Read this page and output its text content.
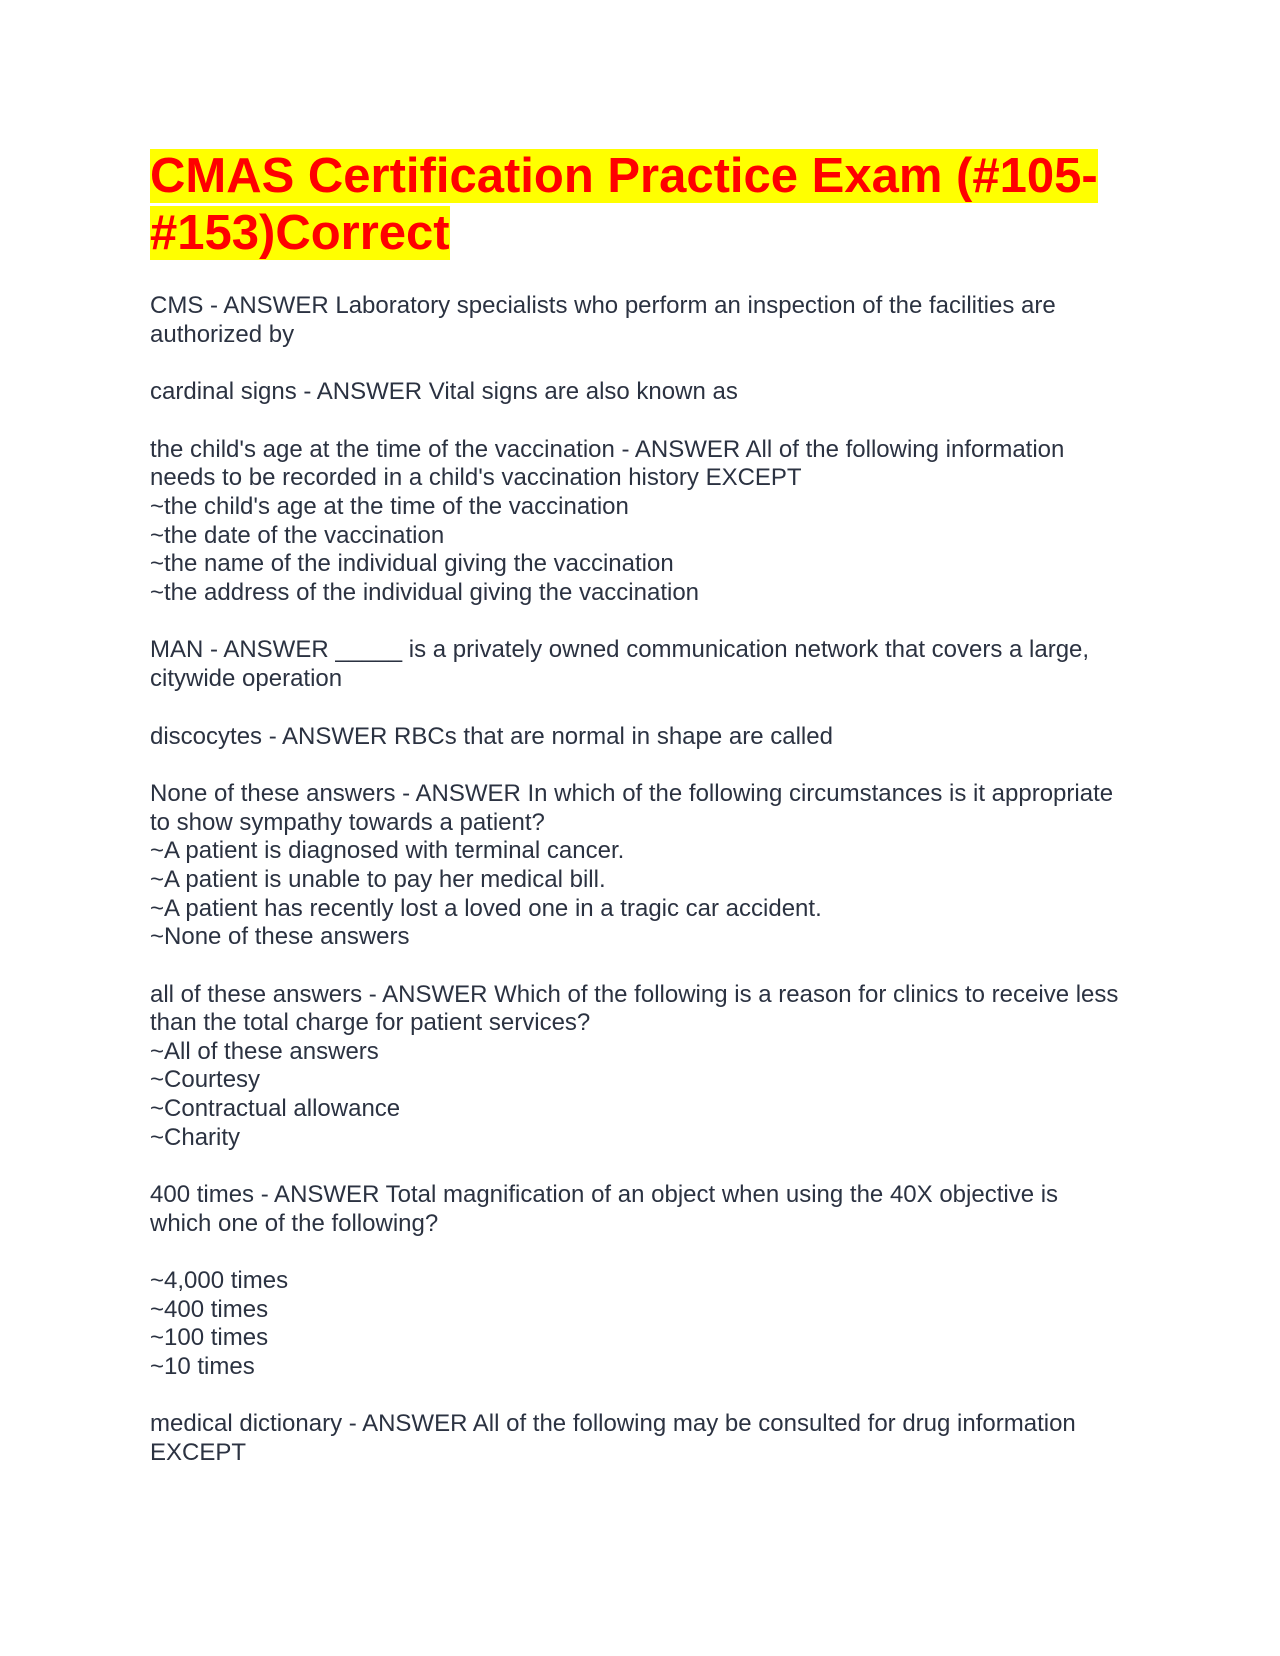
CMAS Certification Practice Exam (#105-
#153)Correct
CMS - ANSWER Laboratory specialists who perform an inspection of the facilities are authorized by
cardinal signs - ANSWER Vital signs are also known as
the child's age at the time of the vaccination - ANSWER All of the following information needs to be recorded in a child's vaccination history EXCEPT
~the child's age at the time of the vaccination
~the date of the vaccination
~the name of the individual giving the vaccination
~the address of the individual giving the vaccination
MAN - ANSWER _____ is a privately owned communication network that covers a large, citywide operation
discocytes - ANSWER RBCs that are normal in shape are called
None of these answers - ANSWER In which of the following circumstances is it appropriate to show sympathy towards a patient?
~A patient is diagnosed with terminal cancer.
~A patient is unable to pay her medical bill.
~A patient has recently lost a loved one in a tragic car accident.
~None of these answers
all of these answers - ANSWER Which of the following is a reason for clinics to receive less than the total charge for patient services?
~All of these answers
~Courtesy
~Contractual allowance
~Charity
400 times - ANSWER Total magnification of an object when using the 40X objective is which one of the following?
~4,000 times
~400 times
~100 times
~10 times
medical dictionary - ANSWER All of the following may be consulted for drug information EXCEPT
